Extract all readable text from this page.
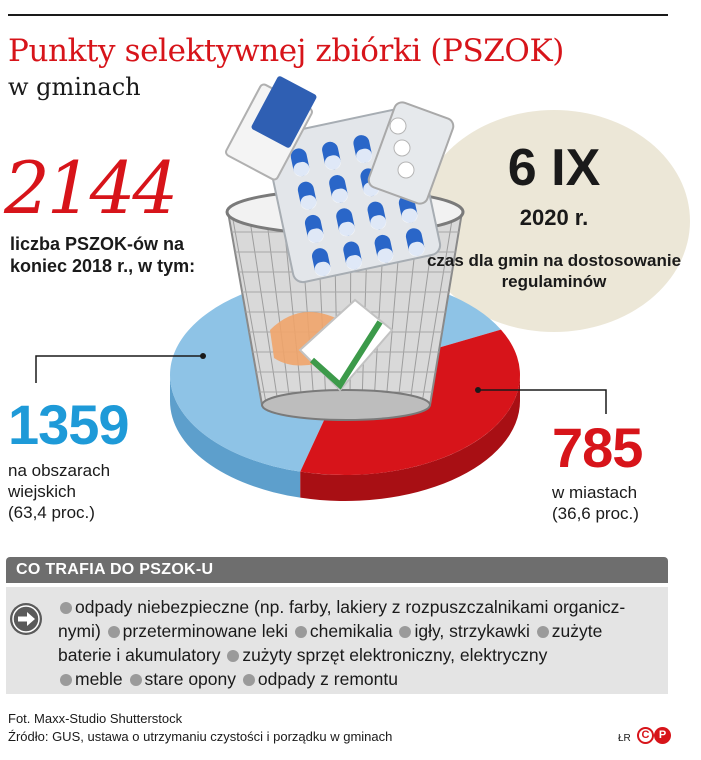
Punkty selektywnej zbiórki (PSZOK)
w gminach
2144
liczba PSZOK-ów na koniec 2018 r., w tym:
6 IX
2020 r.
czas dla gmin na dostosowanie regulaminów
1359
na obszarach wiejskich
(63,4 proc.)
785
w miastach
(36,6 proc.)
CO TRAFIA DO PSZOK-U
odpady niebezpieczne (np. farby, lakiery z rozpuszczalnikami organicz-
nymi) przeterminowane leki chemikalia igły, strzykawki zużyte
baterie i akumulatory zużyty sprzęt elektroniczny, elektryczny
meble stare opony odpady z remontu
Fot. Maxx-Studio Shutterstock
Źródło: GUS, ustawa o utrzymaniu czystości i porządku w gminach	ŁR C P
